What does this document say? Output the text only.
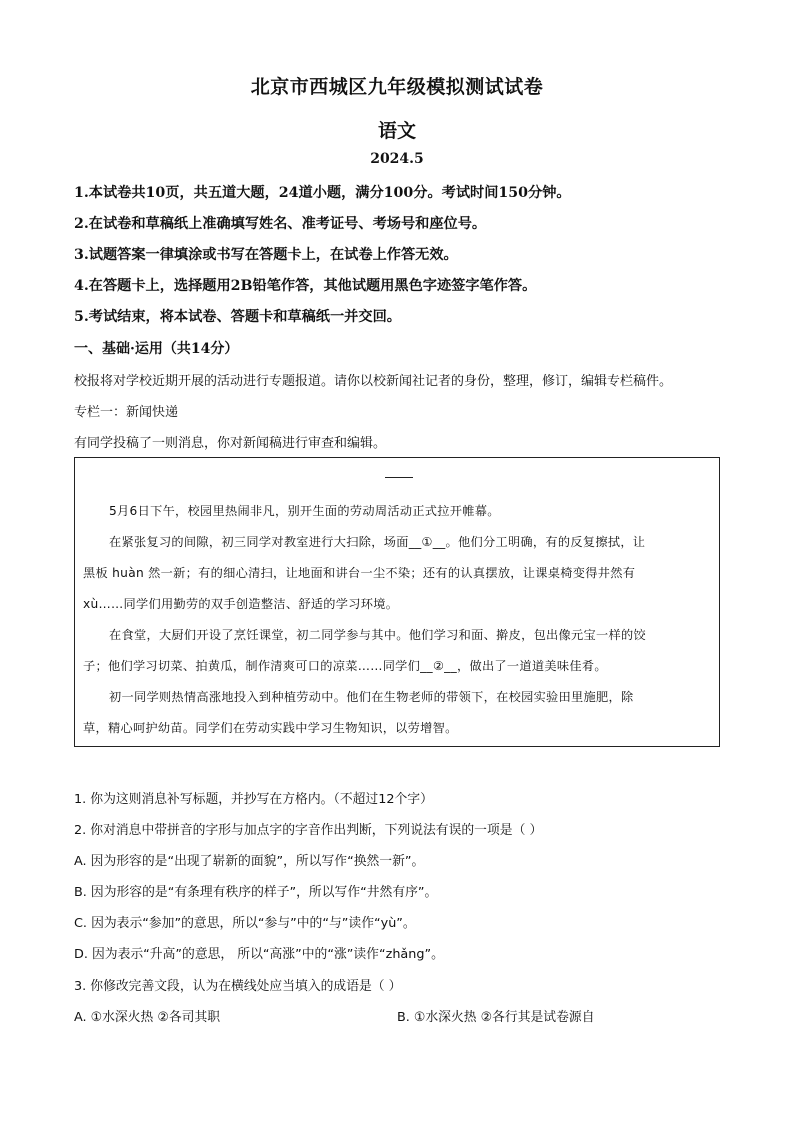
北京市西城区九年级模拟测试试卷
语文
2024.5
1.本试卷共10页，共五道大题，24道小题，满分100分。考试时间150分钟。
2.在试卷和草稿纸上准确填写姓名、准考证号、考场号和座位号。
3.试题答案一律填涂或书写在答题卡上，在试卷上作答无效。
4.在答题卡上，选择题用2B铅笔作答，其他试题用黑色字迹签字笔作答。
5.考试结束，将本试卷、答题卡和草稿纸一并交回。
一、基础·运用（共14分）
校报将对学校近期开展的活动进行专题报道。请你以校新闻社记者的身份，整理，修订，编辑专栏稿件。
专栏一：新闻快递
有同学投稿了一则消息，你对新闻稿进行审查和编辑。
5月6日下午，校园里热闹非凡，别开生面的劳动周活动正式拉开帷幕。
在紧张复习的间隙，初三同学对教室进行大扫除，场面__①__。他们分工明确，有的反复擦拭，让
黑板 huàn 然一新；有的细心清扫，让地面和讲台一尘不染；还有的认真摆放，让课桌椅变得井然有
xù……同学们用勤劳的双手创造整洁、舒适的学习环境。
在食堂，大厨们开设了烹饪课堂，初二同学参与其中。他们学习和面、擀皮，包出像元宝一样的饺
子；他们学习切菜、拍黄瓜，制作清爽可口的凉菜……同学们__②__，做出了一道道美味佳肴。
初一同学则热情高涨地投入到种植劳动中。他们在生物老师的带领下，在校园实验田里施肥，除
草，精心呵护幼苗。同学们在劳动实践中学习生物知识，以劳增智。
1. 你为这则消息补写标题，并抄写在方格内。（不超过12个字）
2. 你对消息中带拼音的字形与加点字的字音作出判断，下列说法有误的一项是（ ）
A. 因为形容的是“出现了崭新的面貌”，所以写作“换然一新”。
B. 因为形容的是“有条理有秩序的样子”，所以写作“井然有序”。
C. 因为表示“参加”的意思，所以“参与”中的“与”读作“yù”。
D. 因为表示“升高”的意思， 所以“高涨”中的“涨”读作“zhǎng”。
3. 你修改完善文段，认为在横线处应当填入的成语是（ ）
A. ①水深火热 ②各司其职	B. ①水深火热 ②各行其是试卷源自
